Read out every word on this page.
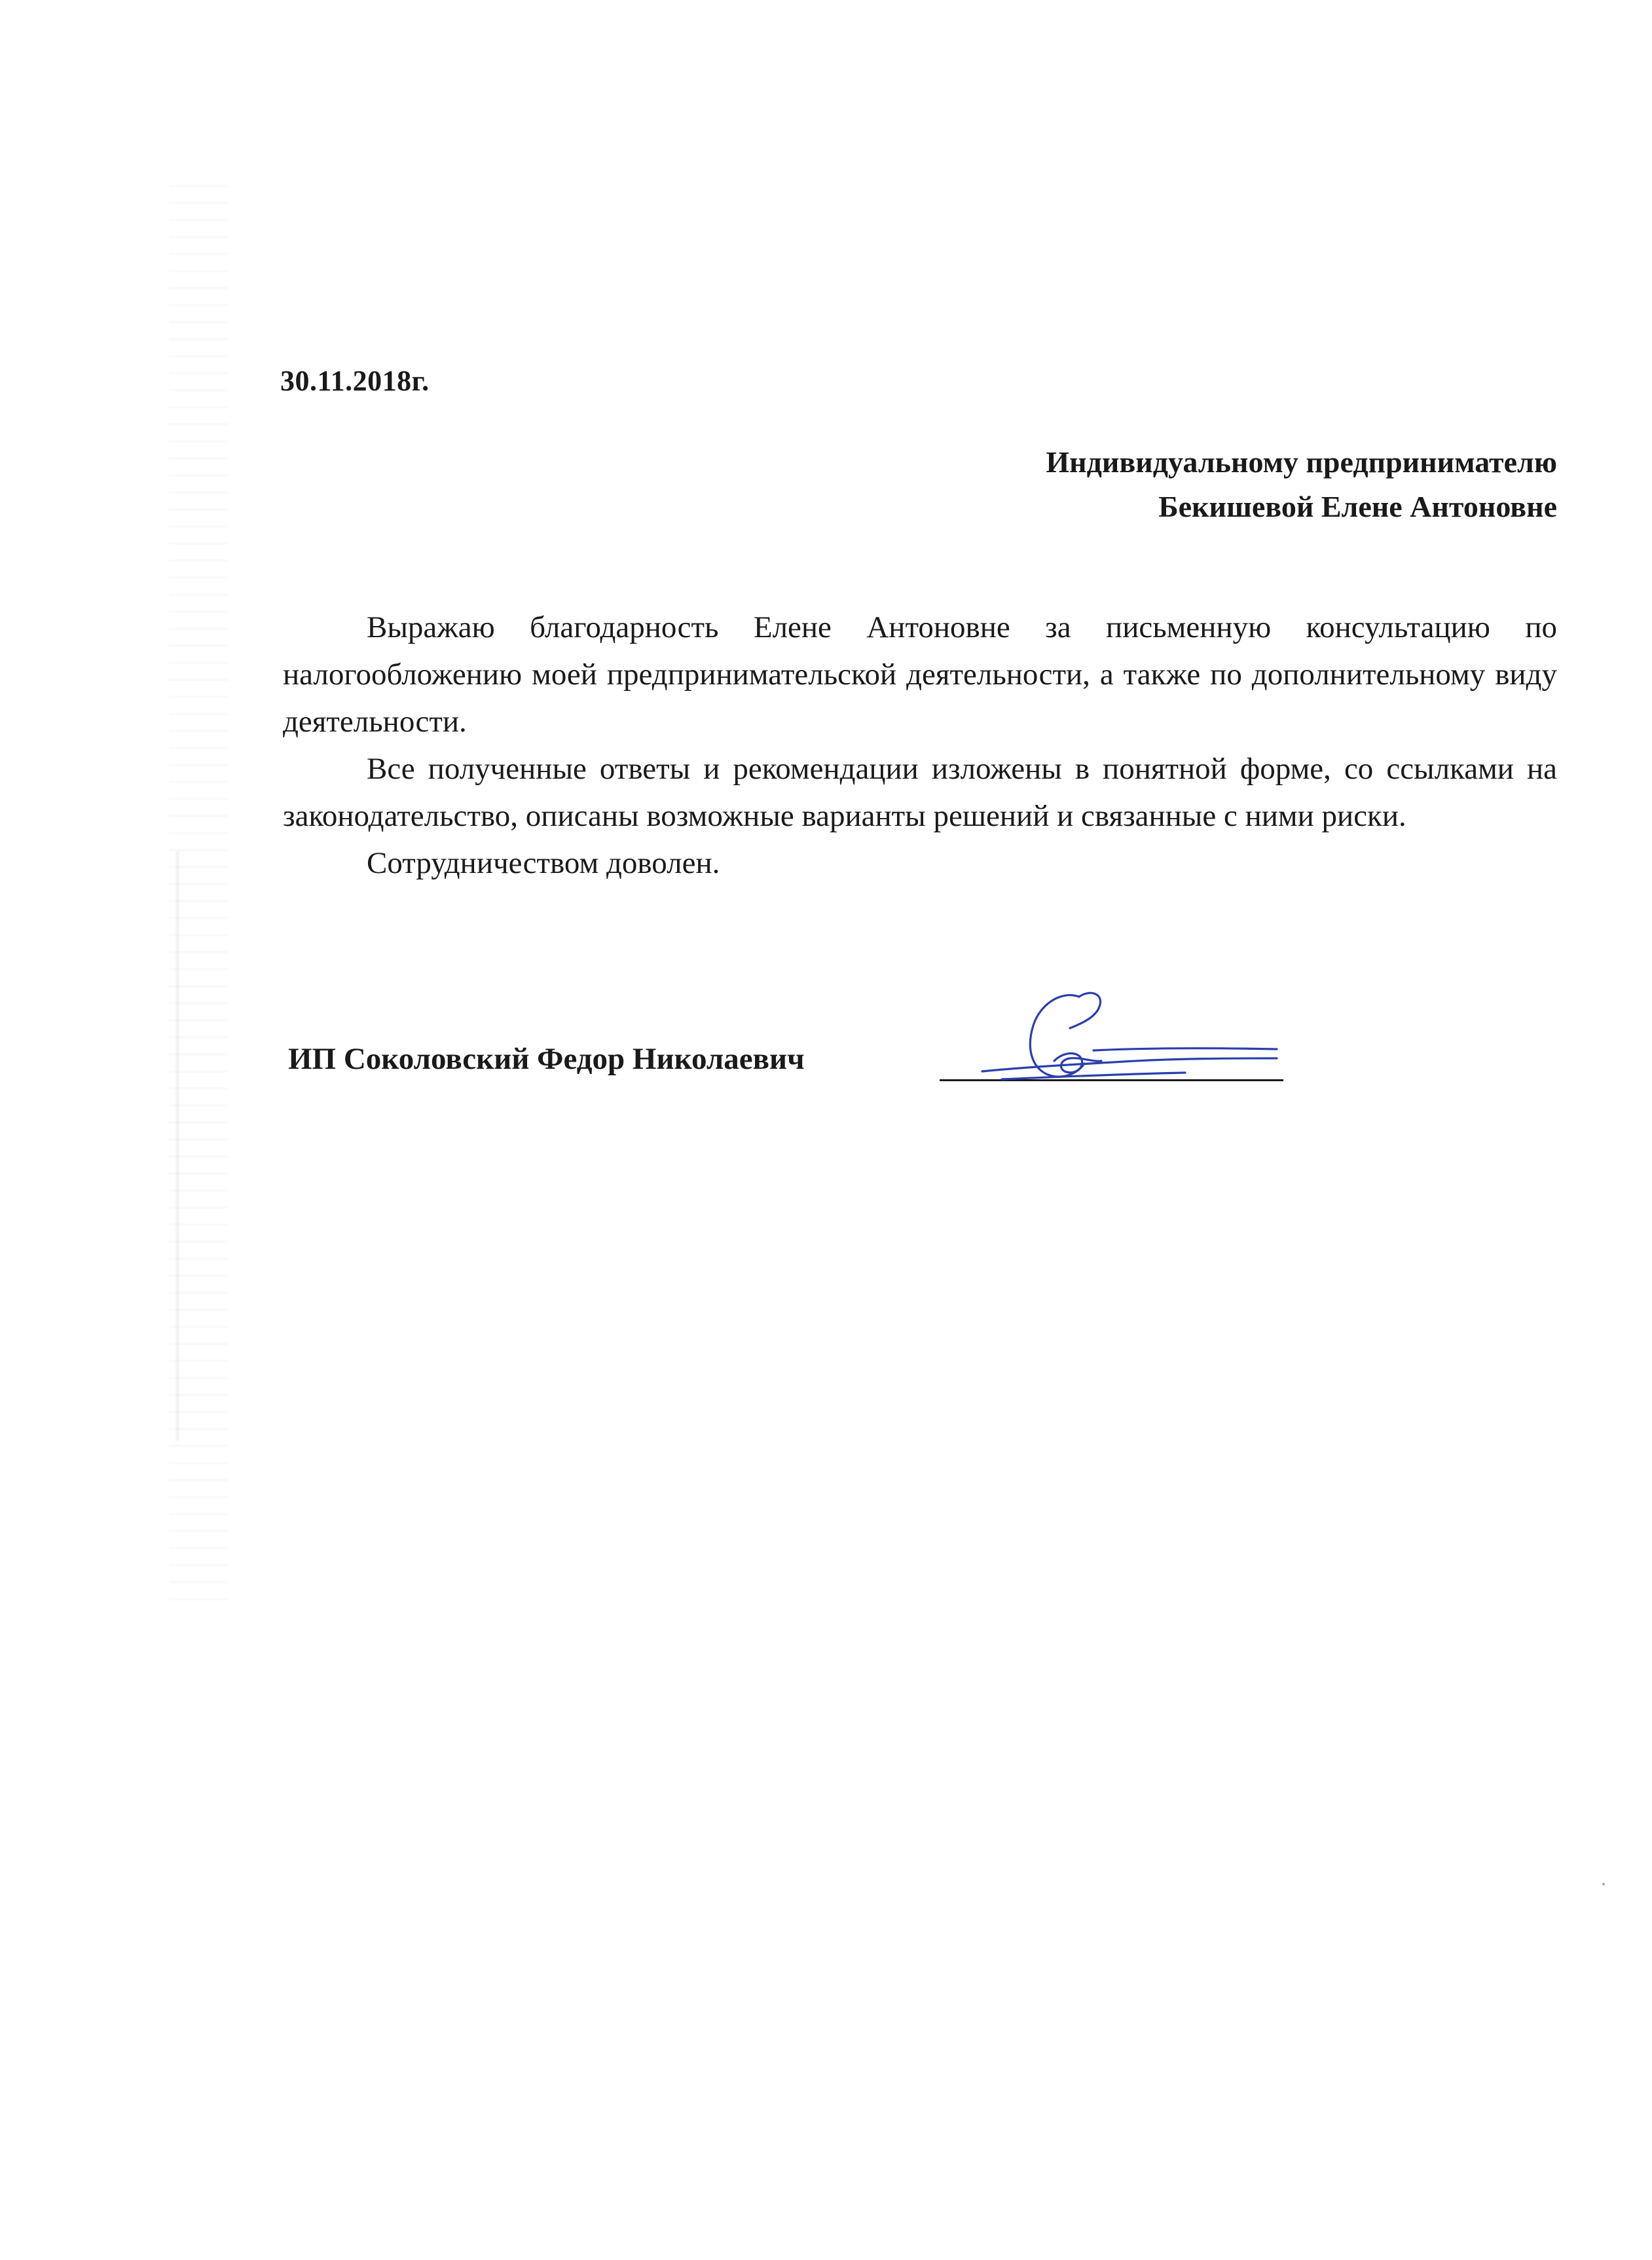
30.11.2018г.
Индивидуальному предпринимателю
Бекишевой Елене Антоновне

Выражаю благодарность Елене Антоновне за письменную консультацию по налогообложению моей предпринимательской деятельности, а также по дополнительному виду деятельности.

Все полученные ответы и рекомендации изложены в понятной форме, со ссылками на законодательство, описаны возможные варианты решений и связанные с ними риски.

Сотрудничеством доволен.

ИП Соколовский Федор Николаевич
